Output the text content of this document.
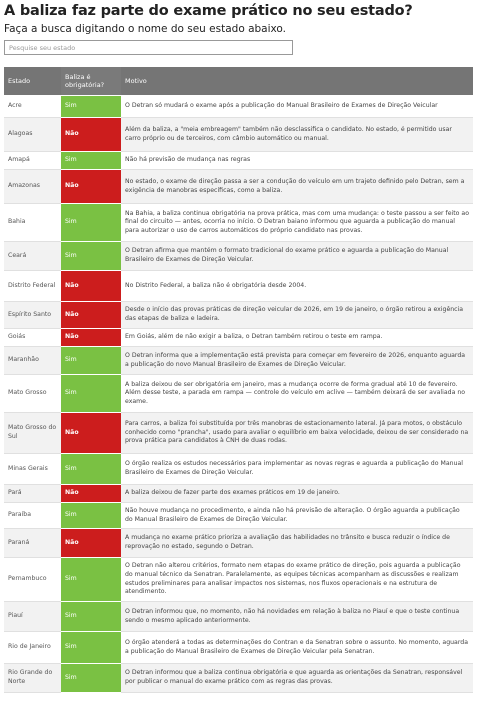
A baliza faz parte do exame prático no seu estado?
Faça a busca digitando o nome do seu estado abaixo.
Pesquise seu estado
Estado	Baliza é obrigatória?	Motivo
Acre	Sim	O Detran só mudará o exame após a publicação do Manual Brasileiro de Exames de Direção Veicular
Alagoas	Não	Além da baliza, a "meia embreagem" também não desclassifica o candidato. No estado, é permitido usar carro próprio ou de terceiros, com câmbio automático ou manual.
Amapá	Sim	Não há previsão de mudança nas regras
Amazonas	Não	No estado, o exame de direção passa a ser a condução do veículo em um trajeto definido pelo Detran, sem a exigência de manobras específicas, como a baliza.
Bahia	Sim	Na Bahia, a baliza continua obrigatória na prova prática, mas com uma mudança: o teste passou a ser feito ao final do circuito — antes, ocorria no início. O Detran baiano informou que aguarda a publicação do manual para autorizar o uso de carros automáticos do próprio candidato nas provas.
Ceará	Sim	O Detran afirma que mantém o formato tradicional do exame prático e aguarda a publicação do Manual Brasileiro de Exames de Direção Veicular.
Distrito Federal	Não	No Distrito Federal, a baliza não é obrigatória desde 2004.
Espírito Santo	Não	Desde o início das provas práticas de direção veicular de 2026, em 19 de janeiro, o órgão retirou a exigência das etapas de baliza e ladeira.
Goiás	Não	Em Goiás, além de não exigir a baliza, o Detran também retirou o teste em rampa.
Maranhão	Sim	O Detran informa que a implementação está prevista para começar em fevereiro de 2026, enquanto aguarda a publicação do novo Manual Brasileiro de Exames de Direção Veicular.
Mato Grosso	Sim	A baliza deixou de ser obrigatória em janeiro, mas a mudança ocorre de forma gradual até 10 de fevereiro. Além desse teste, a parada em rampa — controle do veículo em aclive — também deixará de ser avaliada no exame.
Mato Grosso do Sul	Não	Para carros, a baliza foi substituída por três manobras de estacionamento lateral. Já para motos, o obstáculo conhecido como "prancha", usado para avaliar o equilíbrio em baixa velocidade, deixou de ser considerado na prova prática para candidatos à CNH de duas rodas.
Minas Gerais	Sim	O órgão realiza os estudos necessários para implementar as novas regras e aguarda a publicação do Manual Brasileiro de Exames de Direção Veicular.
Pará	Não	A baliza deixou de fazer parte dos exames práticos em 19 de janeiro.
Paraíba	Sim	Não houve mudança no procedimento, e ainda não há previsão de alteração. O órgão aguarda a publicação do Manual Brasileiro de Exames de Direção Veicular.
Paraná	Não	A mudança no exame prático prioriza a avaliação das habilidades no trânsito e busca reduzir o índice de reprovação no estado, segundo o Detran.
Pernambuco	Sim	O Detran não alterou critérios, formato nem etapas do exame prático de direção, pois aguarda a publicação do manual técnico da Senatran. Paralelamente, as equipes técnicas acompanham as discussões e realizam estudos preliminares para analisar impactos nos sistemas, nos fluxos operacionais e na estrutura de atendimento.
Piauí	Sim	O Detran informou que, no momento, não há novidades em relação à baliza no Piauí e que o teste continua sendo o mesmo aplicado anteriormente.
Rio de Janeiro	Sim	O órgão atenderá a todas as determinações do Contran e da Senatran sobre o assunto. No momento, aguarda a publicação do Manual Brasileiro de Exames de Direção Veicular pela Senatran.
Rio Grande do Norte	Sim	O Detran informou que a baliza continua obrigatória e que aguarda as orientações da Senatran, responsável por publicar o manual do exame prático com as regras das provas.
